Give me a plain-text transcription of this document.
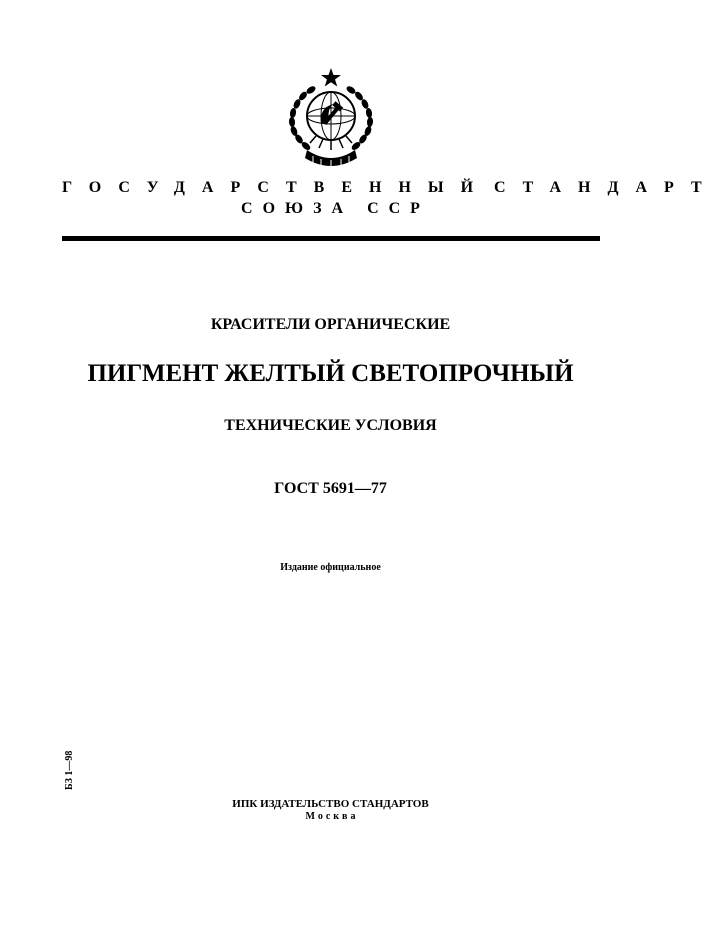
ГОСУДАРСТВЕННЫЙ СТАНДАРТ
СОЮЗА ССР
КРАСИТЕЛИ ОРГАНИЧЕСКИЕ
ПИГМЕНТ ЖЕЛТЫЙ СВЕТОПРОЧНЫЙ
ТЕХНИЧЕСКИЕ УСЛОВИЯ
ГОСТ 5691—77
Издание официальное
БЗ 1—98
ИПК ИЗДАТЕЛЬСТВО СТАНДАРТОВ
Москва
